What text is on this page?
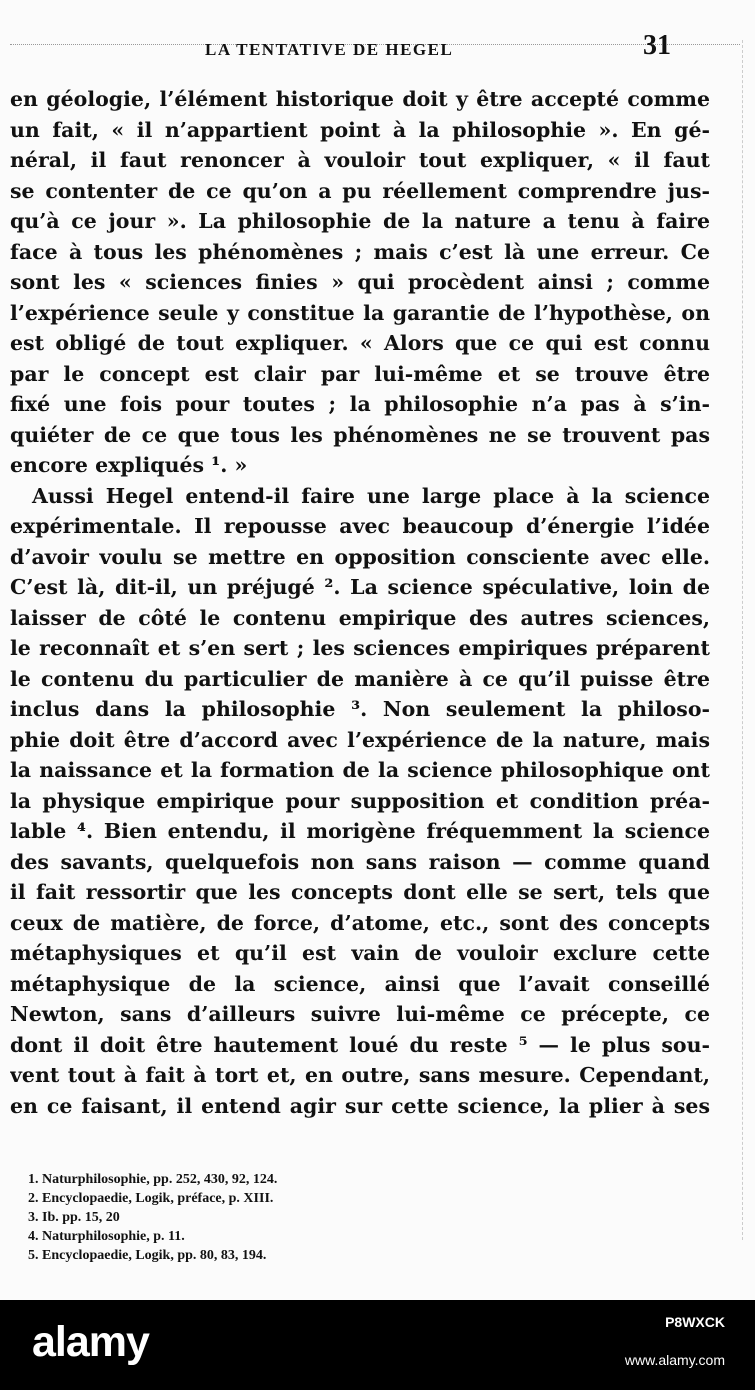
LA TENTATIVE DE HEGEL	31
en géologie, l’élément historique doit y être accepté comme
un fait, « il n’appartient point à la philosophie ». En gé-
néral, il faut renoncer à vouloir tout expliquer, « il faut
se contenter de ce qu’on a pu réellement comprendre jus-
qu’à ce jour ». La philosophie de la nature a tenu à faire
face à tous les phénomènes ; mais c’est là une erreur. Ce
sont les « sciences finies » qui procèdent ainsi ; comme
l’expérience seule y constitue la garantie de l’hypothèse, on
est obligé de tout expliquer. « Alors que ce qui est connu
par le concept est clair par lui-même et se trouve être
fixé une fois pour toutes ; la philosophie n’a pas à s’in-
quiéter de ce que tous les phénomènes ne se trouvent pas
encore expliqués ¹. »
Aussi Hegel entend-il faire une large place à la science
expérimentale. Il repousse avec beaucoup d’énergie l’idée
d’avoir voulu se mettre en opposition consciente avec elle.
C’est là, dit-il, un préjugé ². La science spéculative, loin de
laisser de côté le contenu empirique des autres sciences,
le reconnaît et s’en sert ; les sciences empiriques préparent
le contenu du particulier de manière à ce qu’il puisse être
inclus dans la philosophie ³. Non seulement la philoso-
phie doit être d’accord avec l’expérience de la nature, mais
la naissance et la formation de la science philosophique ont
la physique empirique pour supposition et condition préa-
lable ⁴. Bien entendu, il morigène fréquemment la science
des savants, quelquefois non sans raison — comme quand
il fait ressortir que les concepts dont elle se sert, tels que
ceux de matière, de force, d’atome, etc., sont des concepts
métaphysiques et qu’il est vain de vouloir exclure cette
métaphysique de la science, ainsi que l’avait conseillé
Newton, sans d’ailleurs suivre lui-même ce précepte, ce
dont il doit être hautement loué du reste ⁵ — le plus sou-
vent tout à fait à tort et, en outre, sans mesure. Cependant,
en ce faisant, il entend agir sur cette science, la plier à ses
1. Naturphilosophie, pp. 252, 430, 92, 124.
2. Encyclopaedie, Logik, préface, p. XIII.
3. Ib. pp. 15, 20
4. Naturphilosophie, p. 11.
5. Encyclopaedie, Logik, pp. 80, 83, 194.
alamy	P8WXCK
www.alamy.com
